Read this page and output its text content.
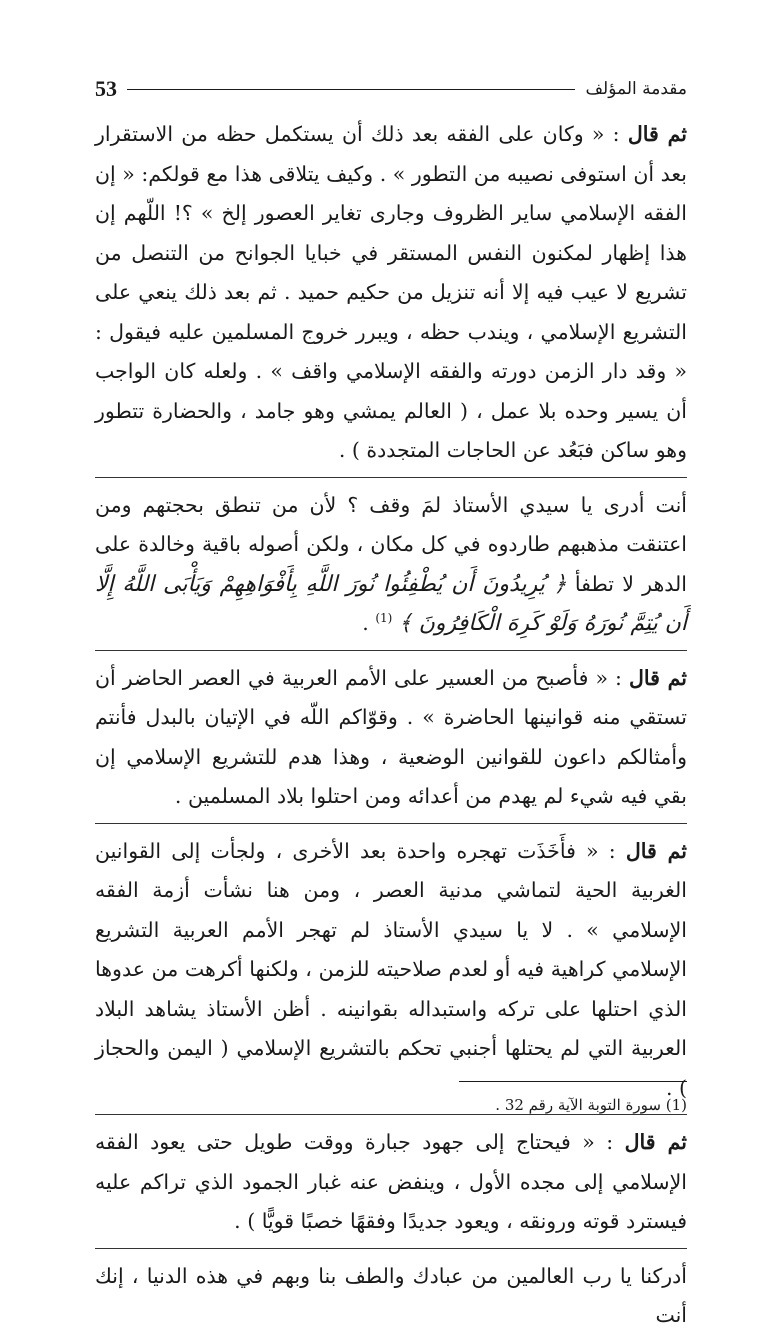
مقدمة المؤلف
53

ثم قال : « وكان على الفقه بعد ذلك أن يستكمل حظه من الاستقرار بعد أن استوفى نصيبه من التطور » . وكيف يتلاقى هذا مع قولكم: « إن الفقه الإسلامي ساير الظروف وجارى تغاير العصور إلخ » ؟! اللّهم إن هذا إظهار لمكنون النفس المستقر في خبايا الجوانح من التنصل من تشريع لا عيب فيه إلا أنه تنزيل من حكيم حميد . ثم بعد ذلك ينعي على التشريع الإسلامي ، ويندب حظه ، ويبرر خروج المسلمين عليه فيقول : « وقد دار الزمن دورته والفقه الإسلامي واقف » . ولعله كان الواجب أن يسير وحده بلا عمل ، ( العالم يمشي وهو جامد ، والحضارة تتطور وهو ساكن فبَعُد عن الحاجات المتجددة ) .

أنت أدرى يا سيدي الأستاذ لمَ وقف ؟ لأن من تنطق بحجتهم ومن اعتنقت مذهبهم طاردوه في كل مكان ، ولكن أصوله باقية وخالدة على الدهر لا تطفأ ﴿ يُرِيدُونَ أَن يُطْفِئُوا نُورَ اللَّهِ بِأَفْوَاهِهِمْ وَيَأْبَى اللَّهُ إِلَّا أَن يُتِمَّ نُورَهُ وَلَوْ كَرِهَ الْكَافِرُونَ ﴾ $^{(1)}$ .

ثم قال : « فأصبح من العسير على الأمم العربية في العصر الحاضر أن تستقي منه قوانينها الحاضرة » . وقوّاكم اللّه في الإتيان بالبدل فأنتم وأمثالكم داعون للقوانين الوضعية ، وهذا هدم للتشريع الإسلامي إن بقي فيه شيء لم يهدم من أعدائه ومن احتلوا بلاد المسلمين .

ثم قال : « فأَخَذَت تهجره واحدة بعد الأخرى ، ولجأت إلى القوانين الغربية الحية لتماشي مدنية العصر ، ومن هنا نشأت أزمة الفقه الإسلامي » . لا يا سيدي الأستاذ لم تهجر الأمم العربية التشريع الإسلامي كراهية فيه أو لعدم صلاحيته للزمن ، ولكنها أكرهت من عدوها الذي احتلها على تركه واستبداله بقوانينه . أظن الأستاذ يشاهد البلاد العربية التي لم يحتلها أجنبي تحكم بالتشريع الإسلامي ( اليمن والحجاز ) .

ثم قال : « فيحتاج إلى جهود جبارة ووقت طويل حتى يعود الفقه الإسلامي إلى مجده الأول ، وينفض عنه غبار الجمود الذي تراكم عليه فيسترد قوته ورونقه ، ويعود جديدًا وفقهًا خصبًا قويًّا ) .

أدركنا يا رب العالمين من عبادك والطف بنا وبهم في هذه الدنيا ، إنك أنت

(1) سورة التوبة الآية رقم 32 .
